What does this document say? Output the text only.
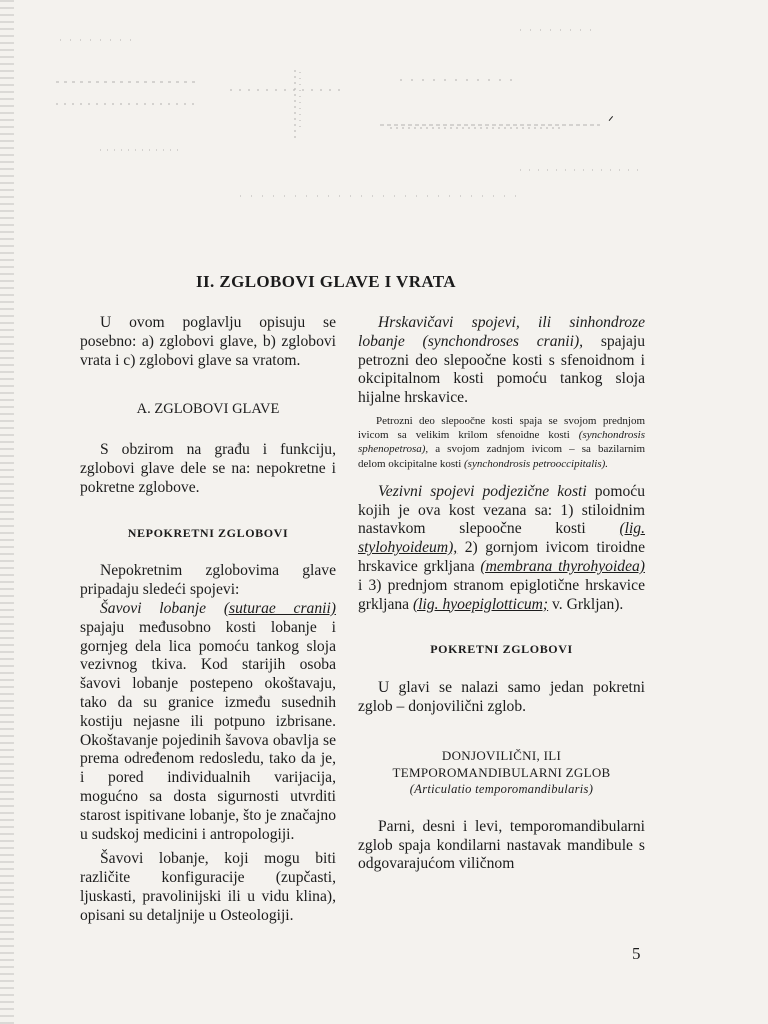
ᐟ
II. ZGLOBOVI GLAVE I VRATA

U ovom poglavlju opisuju se posebno: a) zglobovi glave, b) zglobovi vrata i c) zglobovi glave sa vratom.

A. ZGLOBOVI GLAVE

S obzirom na građu i funkciju, zglobovi glave dele se na: nepokretne i pokretne zglobove.

NEPOKRETNI ZGLOBOVI

Nepokretnim zglobovima glave pripadaju sledeći spojevi:

Šavovi lobanje (suturae cranii) spajaju međusobno kosti lobanje i gornjeg dela lica pomoću tankog sloja vezivnog tkiva. Kod starijih osoba šavovi lobanje postepeno okoštavaju, tako da su granice između susednih kostiju nejasne ili potpuno izbrisane. Okoštavanje pojedinih šavova obavlja se prema određenom redosledu, tako da je, i pored individualnih varijacija, mogućno sa dosta sigurnosti utvrditi starost ispitivane lobanje, što je značajno u sudskoj medicini i antropologiji.

Šavovi lobanje, koji mogu biti različite konfiguracije (zupčasti, ljuskasti, pravolinijski ili u vidu klina), opisani su detaljnije u Osteologiji.

Hrskavičavi spojevi, ili sinhondroze lobanje (synchondroses cranii), spajaju petrozni deo slepoočne kosti s sfenoidnom i okcipitalnom kosti pomoću tankog sloja hijalne hrskavice.

Petrozni deo slepoočne kosti spaja se svojom prednjom ivicom sa velikim krilom sfenoidne kosti (synchondrosis sphenopetrosa), a svojom zadnjom ivicom – sa bazilarnim delom okcipitalne kosti (synchondrosis petrooccipitalis).

Vezivni spojevi podjezične kosti pomoću kojih je ova kost vezana sa: 1) stiloidnim nastavkom slepoočne kosti (lig. stylohyoideum), 2) gornjom ivicom tiroidne hrskavice grkljana (membrana thyrohyoidea) i 3) prednjom stranom epiglotične hrskavice grkljana (lig. hyoepiglotticum; v. Grkljan).

POKRETNI ZGLOBOVI

U glavi se nalazi samo jedan pokretni zglob – donjovilični zglob.

DONJOVILIČNI, ILI
TEMPOROMANDIBULARNI ZGLOB
(Articulatio temporomandibularis)

Parni, desni i levi, temporomandibularni zglob spaja kondilarni nastavak mandibule s odgovarajućom viličnom

5
